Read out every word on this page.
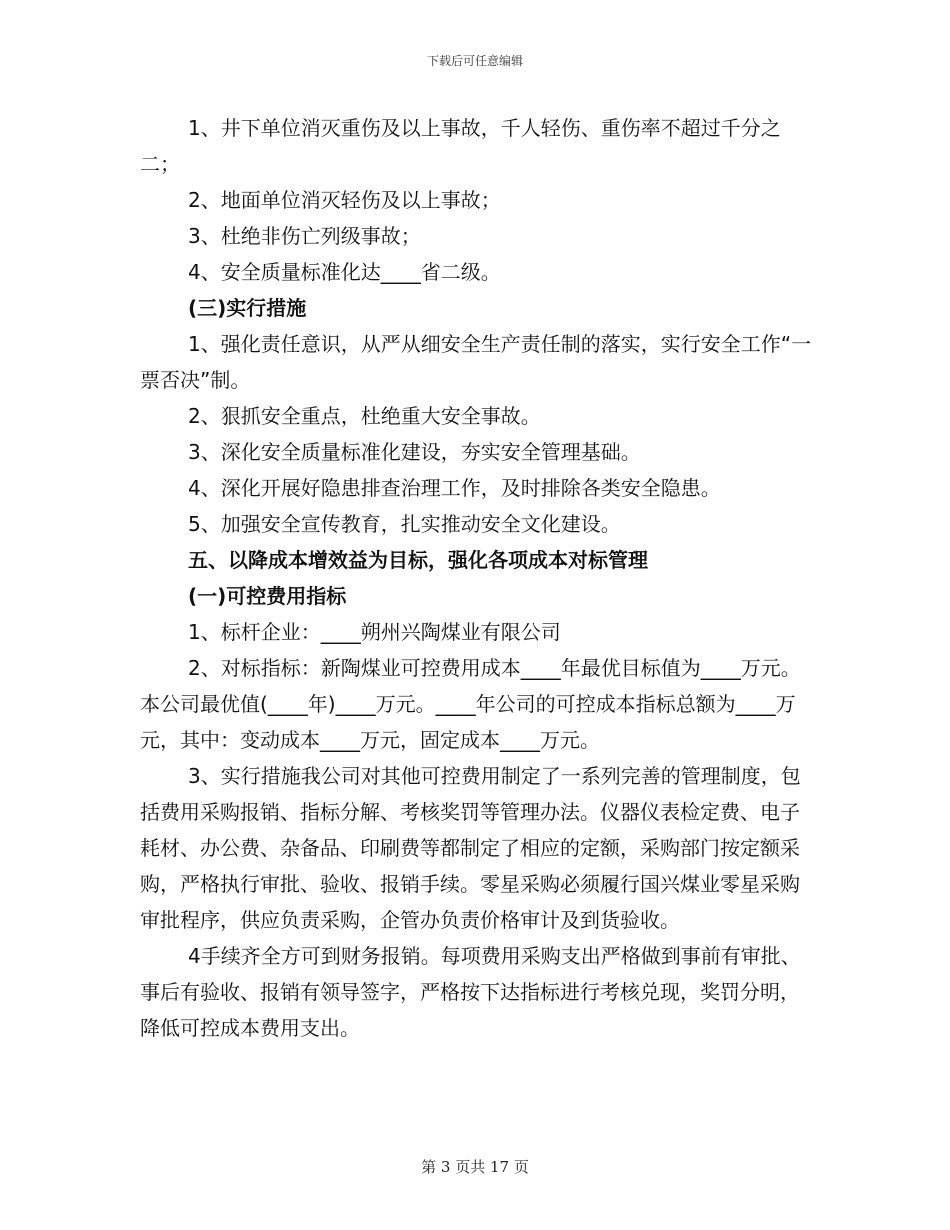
下载后可任意编辑

1、井下单位消灭重伤及以上事故，千人轻伤、重伤率不超过千分之二；

2、地面单位消灭轻伤及以上事故；

3、杜绝非伤亡列级事故；

4、安全质量标准化达____省二级。

(三)实行措施

1、强化责任意识，从严从细安全生产责任制的落实，实行安全工作“一票否决”制。

2、狠抓安全重点，杜绝重大安全事故。

3、深化安全质量标准化建设，夯实安全管理基础。

4、深化开展好隐患排查治理工作，及时排除各类安全隐患。

5、加强安全宣传教育，扎实推动安全文化建设。

五、以降成本增效益为目标，强化各项成本对标管理

(一)可控费用指标

1、标杆企业：____朔州兴陶煤业有限公司

2、对标指标：新陶煤业可控费用成本____年最优目标值为____万元。本公司最优值(____年)____万元。____年公司的可控成本指标总额为____万元，其中：变动成本____万元，固定成本____万元。

3、实行措施我公司对其他可控费用制定了一系列完善的管理制度，包括费用采购报销、指标分解、考核奖罚等管理办法。仪器仪表检定费、电子耗材、办公费、杂备品、印刷费等都制定了相应的定额，采购部门按定额采购，严格执行审批、验收、报销手续。零星采购必须履行国兴煤业零星采购审批程序，供应负责采购，企管办负责价格审计及到货验收。

4手续齐全方可到财务报销。每项费用采购支出严格做到事前有审批、事后有验收、报销有领导签字，严格按下达指标进行考核兑现，奖罚分明，降低可控成本费用支出。

第 3 页共 17 页
